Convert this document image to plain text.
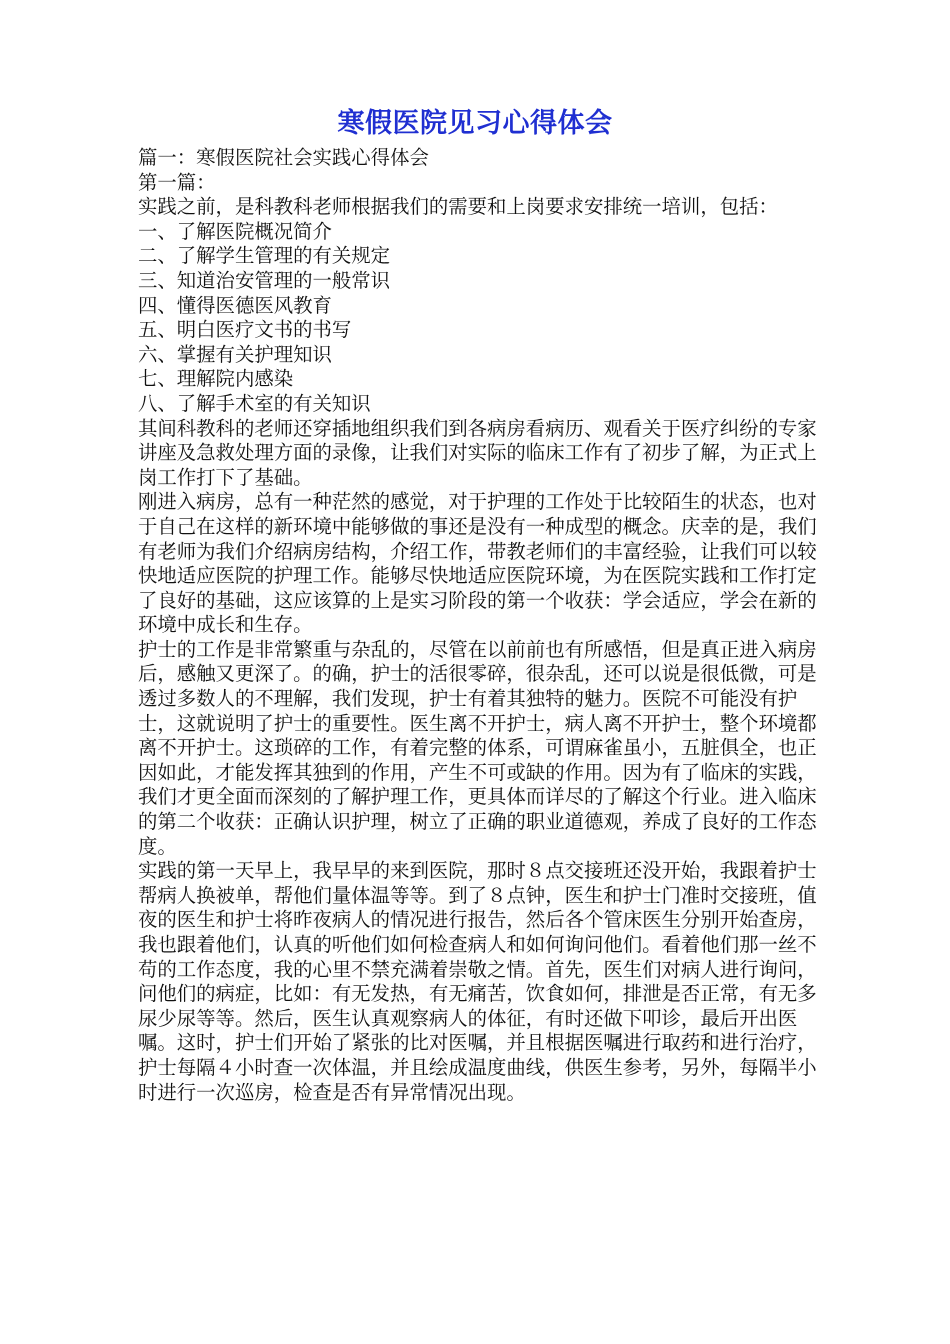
寒假医院见习心得体会

篇一：寒假医院社会实践心得体会

第一篇：

实践之前，是科教科老师根据我们的需要和上岗要求安排统一培训，包括：

一、了解医院概况简介

二、了解学生管理的有关规定

三、知道治安管理的一般常识

四、懂得医德医风教育

五、明白医疗文书的书写

六、掌握有关护理知识

七、理解院内感染

八、了解手术室的有关知识

其间科教科的老师还穿插地组织我们到各病房看病历、观看关于医疗纠纷的专家讲座及急救处理方面的录像，让我们对实际的临床工作有了初步了解，为正式上岗工作打下了基础。

刚进入病房，总有一种茫然的感觉，对于护理的工作处于比较陌生的状态，也对于自己在这样的新环境中能够做的事还是没有一种成型的概念。庆幸的是，我们有老师为我们介绍病房结构，介绍工作，带教老师们的丰富经验，让我们可以较快地适应医院的护理工作。能够尽快地适应医院环境，为在医院实践和工作打定了良好的基础，这应该算的上是实习阶段的第一个收获：学会适应，学会在新的环境中成长和生存。

护士的工作是非常繁重与杂乱的，尽管在以前前也有所感悟，但是真正进入病房后，感触又更深了。的确，护士的活很零碎，很杂乱，还可以说是很低微，可是透过多数人的不理解，我们发现，护士有着其独特的魅力。医院不可能没有护士，这就说明了护士的重要性。医生离不开护士，病人离不开护士，整个环境都离不开护士。这琐碎的工作，有着完整的体系，可谓麻雀虽小，五脏俱全，也正因如此，才能发挥其独到的作用，产生不可或缺的作用。因为有了临床的实践，我们才更全面而深刻的了解护理工作，更具体而详尽的了解这个行业。进入临床的第二个收获：正确认识护理，树立了正确的职业道德观，养成了良好的工作态度。

实践的第一天早上，我早早的来到医院，那时８点交接班还没开始，我跟着护士帮病人换被单，帮他们量体温等等。到了８点钟，医生和护士门准时交接班，值夜的医生和护士将昨夜病人的情况进行报告，然后各个管床医生分别开始查房，我也跟着他们，认真的听他们如何检查病人和如何询问他们。看着他们那一丝不苟的工作态度，我的心里不禁充满着崇敬之情。首先，医生们对病人进行询问，问他们的病症，比如：有无发热，有无痛苦，饮食如何，排泄是否正常，有无多尿少尿等等。然后，医生认真观察病人的体征，有时还做下叩诊，最后开出医嘱。这时，护士们开始了紧张的比对医嘱，并且根据医嘱进行取药和进行治疗，

护士每隔４小时查一次体温，并且绘成温度曲线，供医生参考，另外，每隔半小时进行一次巡房，检查是否有异常情况出现。
